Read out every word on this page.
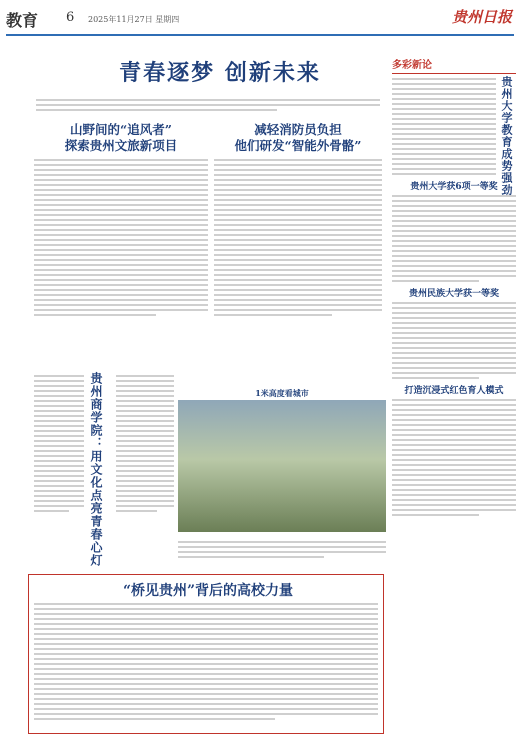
教育 6 2025年11月27日 星期四	贵州日报
青春逐梦 创新未来
山野间的“追风者”
探索贵州文旅新项目
减轻消防员负担
他们研发“智能外骨骼”
多彩新论
贵州大学教育成势强劲
贵州大学获6项一等奖
贵州民族大学获一等奖
打造沉浸式红色育人模式
贵州商学院：用文化点亮青春心灯	1米高度看城市
“桥见贵州”背后的高校力量
